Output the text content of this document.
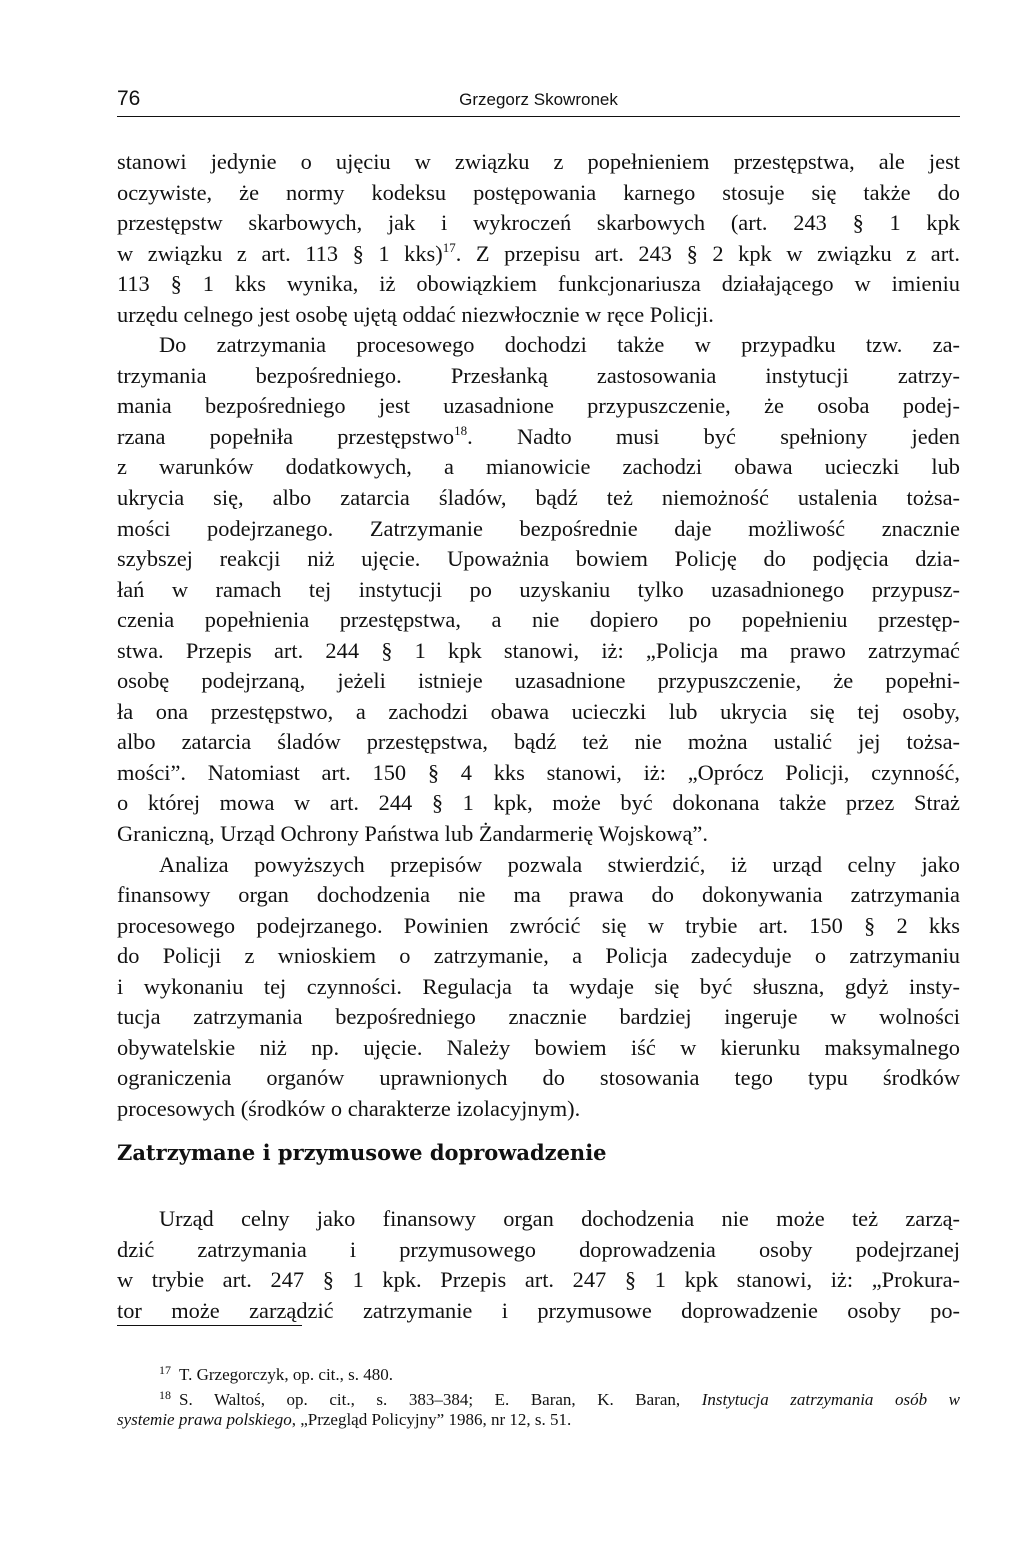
76	Grzegorz Skowronek
stanowi jedynie o ujęciu w związku z popełnieniem przestępstwa, ale jest
oczywiste, że normy kodeksu postępowania karnego stosuje się także do
przestępstw skarbowych, jak i wykroczeń skarbowych (art. 243 § 1 kpk
w związku z art. 113 § 1 kks)$^{17}$. Z przepisu art. 243 § 2 kpk w związku z art.
113 § 1 kks wynika, iż obowiązkiem funkcjonariusza działającego w imieniu
urzędu celnego jest osobę ujętą oddać niezwłocznie w ręce Policji.
Do zatrzymania procesowego dochodzi także w przypadku tzw. za-
trzymania bezpośredniego. Przesłanką zastosowania instytucji zatrzy-
mania bezpośredniego jest uzasadnione przypuszczenie, że osoba podej-
rzana popełniła przestępstwo$^{18}$. Nadto musi być spełniony jeden
z warunków dodatkowych, a mianowicie zachodzi obawa ucieczki lub
ukrycia się, albo zatarcia śladów, bądź też niemożność ustalenia tożsa-
mości podejrzanego. Zatrzymanie bezpośrednie daje możliwość znacznie
szybszej reakcji niż ujęcie. Upoważnia bowiem Policję do podjęcia dzia-
łań w ramach tej instytucji po uzyskaniu tylko uzasadnionego przypusz-
czenia popełnienia przestępstwa, a nie dopiero po popełnieniu przestęp-
stwa. Przepis art. 244 § 1 kpk stanowi, iż: „Policja ma prawo zatrzymać
osobę podejrzaną, jeżeli istnieje uzasadnione przypuszczenie, że popełni-
ła ona przestępstwo, a zachodzi obawa ucieczki lub ukrycia się tej osoby,
albo zatarcia śladów przestępstwa, bądź też nie można ustalić jej tożsa-
mości”. Natomiast art. 150 § 4 kks stanowi, iż: „Oprócz Policji, czynność,
o której mowa w art. 244 § 1 kpk, może być dokonana także przez Straż
Graniczną, Urząd Ochrony Państwa lub Żandarmerię Wojskową”.
Analiza powyższych przepisów pozwala stwierdzić, iż urząd celny jako
finansowy organ dochodzenia nie ma prawa do dokonywania zatrzymania
procesowego podejrzanego. Powinien zwrócić się w trybie art. 150 § 2 kks
do Policji z wnioskiem o zatrzymanie, a Policja zadecyduje o zatrzymaniu
i wykonaniu tej czynności. Regulacja ta wydaje się być słuszna, gdyż insty-
tucja zatrzymania bezpośredniego znacznie bardziej ingeruje w wolności
obywatelskie niż np. ujęcie. Należy bowiem iść w kierunku maksymalnego
ograniczenia organów uprawnionych do stosowania tego typu środków
procesowych (środków o charakterze izolacyjnym).
Zatrzymane i przymusowe doprowadzenie
Urząd celny jako finansowy organ dochodzenia nie może też zarzą-
dzić zatrzymania i przymusowego doprowadzenia osoby podejrzanej
w trybie art. 247 § 1 kpk. Przepis art. 247 § 1 kpk stanowi, iż: „Prokura-
tor może zarządzić zatrzymanie i przymusowe doprowadzenie osoby po-
$^{17}$ T. Grzegorczyk, op. cit., s. 480.
$^{18}$ S. Waltoś, op. cit., s. 383–384; E. Baran, K. Baran, Instytucja zatrzymania osób w
systemie prawa polskiego, „Przegląd Policyjny” 1986, nr 12, s. 51.
